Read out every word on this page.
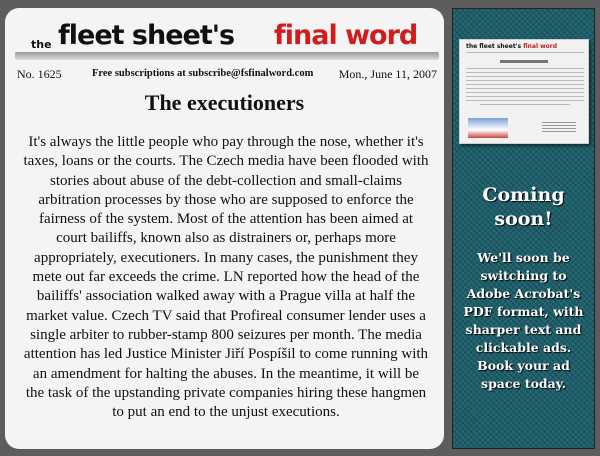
the fleet sheet's final word
No. 1625	Free subscriptions at subscribe@fsfinalword.com Mon., June 11, 2007
The executioners

It's always the little people who pay through the nose, whether it's taxes, loans or the courts. The Czech media have been flooded with stories about abuse of the debt-collection and small-claims arbitration processes by those who are supposed to enforce the fairness of the system. Most of the attention has been aimed at court bailiffs, known also as distrainers or, perhaps more appropriately, executioners. In many cases, the punishment they mete out far exceeds the crime. LN reported how the head of the bailiffs' association walked away with a Prague villa at half the market value. Czech TV said that Profireal consumer lender uses a single arbiter to rubber-stamp 800 seizures per month. The media attention has led Justice Minister Jiří Pospíšil to come running with an amendment for halting the abuses. In the meantime, it will be the task of the upstanding private companies hiring these hangmen to put an end to the unjust executions.

the fleet sheet's final word
Coming soon!
We'll soon be switching to Adobe Acrobat's PDF format, with sharper text and clickable ads. Book your ad space today.
